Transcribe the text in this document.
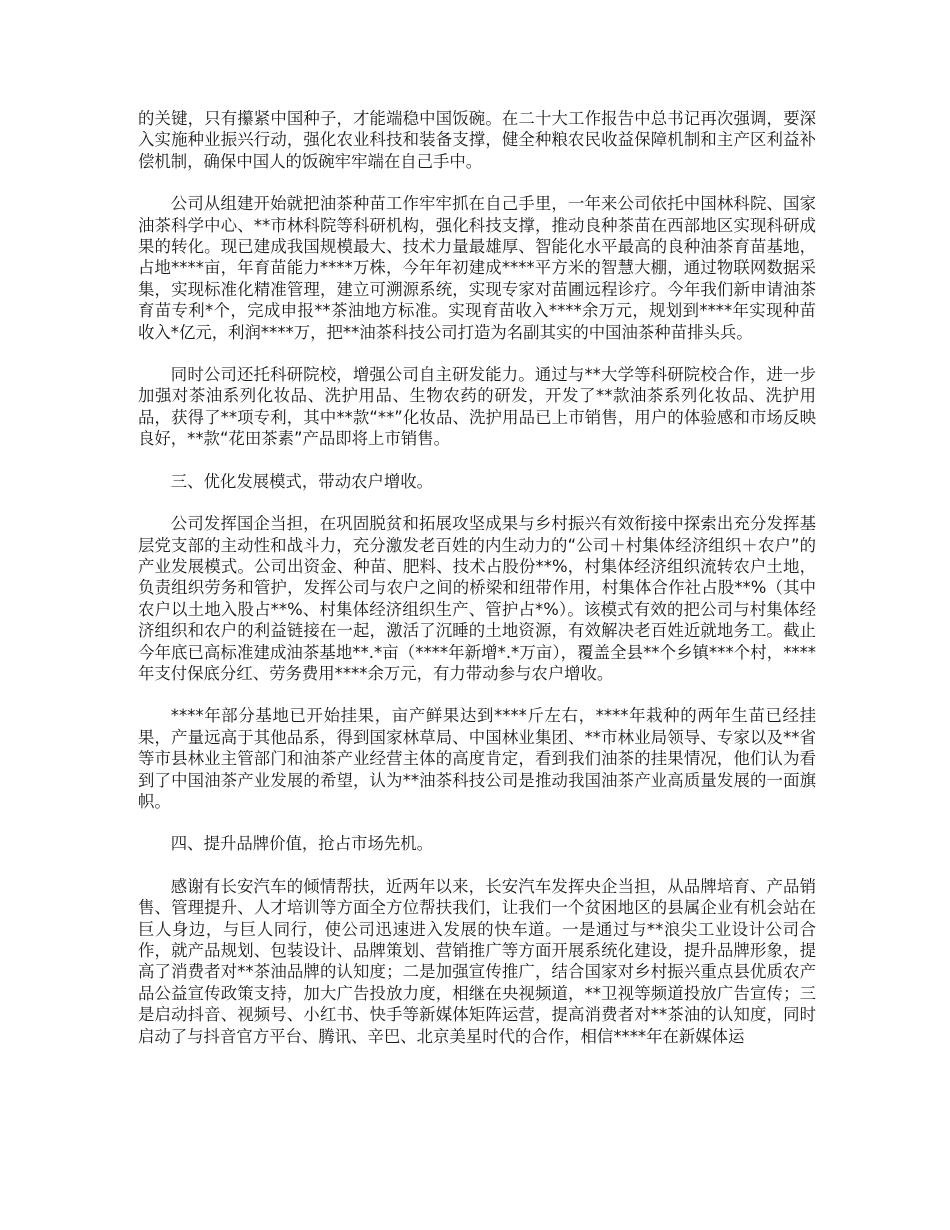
的关键，只有攥紧中国种子，才能端稳中国饭碗。在二十大工作报告中总书记再次强调，要深入实施种业振兴行动，强化农业科技和装备支撑，健全种粮农民收益保障机制和主产区利益补偿机制，确保中国人的饭碗牢牢端在自己手中。

公司从组建开始就把油茶种苗工作牢牢抓在自己手里，一年来公司依托中国林科院、国家油茶科学中心、**市林科院等科研机构，强化科技支撑，推动良种茶苗在西部地区实现科研成果的转化。现已建成我国规模最大、技术力量最雄厚、智能化水平最高的良种油茶育苗基地，占地****亩，年育苗能力****万株，今年年初建成****平方米的智慧大棚，通过物联网数据采集，实现标准化精准管理，建立可溯源系统，实现专家对苗圃远程诊疗。今年我们新申请油茶育苗专利*个，完成申报**茶油地方标准。实现育苗收入****余万元，规划到****年实现种苗收入*亿元，利润****万，把**油茶科技公司打造为名副其实的中国油茶种苗排头兵。

同时公司还托科研院校，增强公司自主研发能力。通过与**大学等科研院校合作，进一步加强对茶油系列化妆品、洗护用品、生物农药的研发，开发了**款油茶系列化妆品、洗护用品，获得了**项专利，其中**款“**”化妆品、洗护用品已上市销售，用户的体验感和市场反映良好，**款“花田茶素”产品即将上市销售。

三、优化发展模式，带动农户增收。

公司发挥国企当担，在巩固脱贫和拓展攻坚成果与乡村振兴有效衔接中探索出充分发挥基层党支部的主动性和战斗力，充分激发老百姓的内生动力的“公司＋村集体经济组织＋农户”的产业发展模式。公司出资金、种苗、肥料、技术占股份**%，村集体经济组织流转农户土地，负责组织劳务和管护，发挥公司与农户之间的桥梁和纽带作用，村集体合作社占股**%（其中农户以土地入股占**%、村集体经济组织生产、管护占*%）。该模式有效的把公司与村集体经济组织和农户的利益链接在一起，激活了沉睡的土地资源，有效解决老百姓近就地务工。截止今年底已高标准建成油茶基地**.*亩（****年新增*.*万亩），覆盖全县**个乡镇***个村，****年支付保底分红、劳务费用****余万元，有力带动参与农户增收。

****年部分基地已开始挂果，亩产鲜果达到****斤左右，****年栽种的两年生苗已经挂果，产量远高于其他品系，得到国家林草局、中国林业集团、**市林业局领导、专家以及**省等市县林业主管部门和油茶产业经营主体的高度肯定，看到我们油茶的挂果情况，他们认为看到了中国油茶产业发展的希望，认为**油茶科技公司是推动我国油茶产业高质量发展的一面旗帜。

四、提升品牌价值，抢占市场先机。

感谢有长安汽车的倾情帮扶，近两年以来，长安汽车发挥央企当担，从品牌培育、产品销售、管理提升、人才培训等方面全方位帮扶我们，让我们一个贫困地区的县属企业有机会站在巨人身边，与巨人同行，使公司迅速进入发展的快车道。一是通过与**浪尖工业设计公司合作，就产品规划、包装设计、品牌策划、营销推广等方面开展系统化建设，提升品牌形象，提高了消费者对**茶油品牌的认知度；二是加强宣传推广，结合国家对乡村振兴重点县优质农产品公益宣传政策支持，加大广告投放力度，相继在央视频道，**卫视等频道投放广告宣传；三是启动抖音、视频号、小红书、快手等新媒体矩阵运营，提高消费者对**茶油的认知度，同时启动了与抖音官方平台、腾讯、辛巴、北京美星时代的合作，相信****年在新媒体运
